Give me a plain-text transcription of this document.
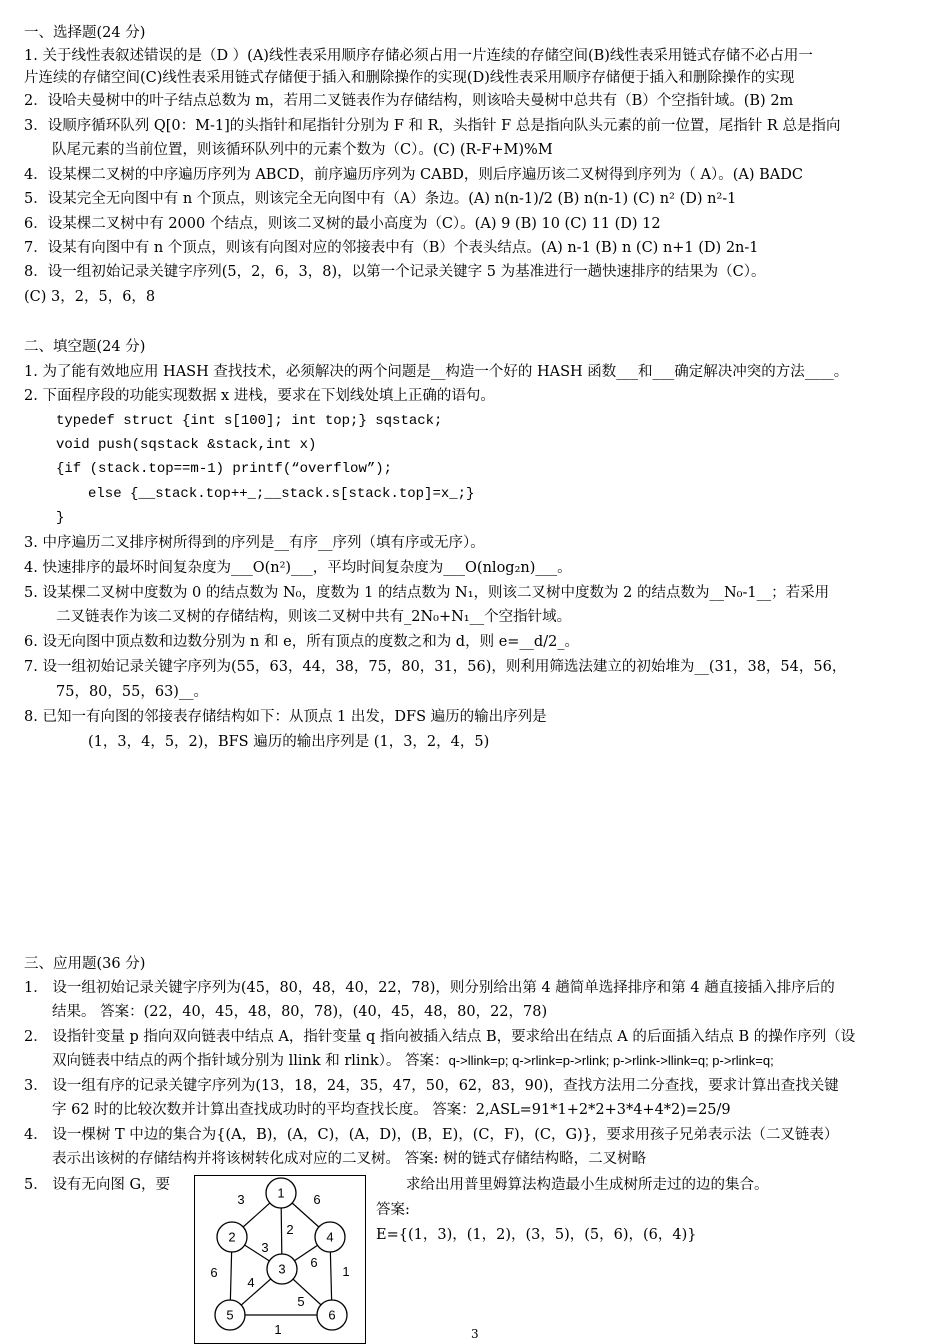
一、选择题(24 分)
1. 关于线性表叙述错误的是（D ）(A)线性表采用顺序存储必须占用一片连续的存储空间(B)线性表采用链式存储不必占用一
片连续的存储空间(C)线性表采用链式存储便于插入和删除操作的实现(D)线性表采用顺序存储便于插入和删除操作的实现
2．设哈夫曼树中的叶子结点总数为 m，若用二叉链表作为存储结构，则该哈夫曼树中总共有（B）个空指针域。(B) 2m
3．设顺序循环队列 Q[0：M-1]的头指针和尾指针分别为 F 和 R，头指针 F 总是指向队头元素的前一位置，尾指针 R 总是指向
队尾元素的当前位置，则该循环队列中的元素个数为（C）。(C) (R-F+M)%M
4．设某棵二叉树的中序遍历序列为 ABCD，前序遍历序列为 CABD，则后序遍历该二叉树得到序列为（ A）。(A) BADC
5．设某完全无向图中有 n 个顶点，则该完全无向图中有（A）条边。(A) n(n-1)/2 (B) n(n-1) (C) n² (D) n²-1
6．设某棵二叉树中有 2000 个结点，则该二叉树的最小高度为（C）。(A) 9 (B) 10 (C) 11 (D) 12
7．设某有向图中有 n 个顶点，则该有向图对应的邻接表中有（B）个表头结点。(A) n-1 (B) n (C) n+1 (D) 2n-1
8．设一组初始记录关键字序列(5，2，6，3，8)，以第一个记录关键字 5 为基准进行一趟快速排序的结果为（C）。
(C) 3，2，5，6，8
二、填空题(24 分)
1. 为了能有效地应用 HASH 查找技术，必须解决的两个问题是__构造一个好的 HASH 函数___和___确定解决冲突的方法____。
2. 下面程序段的功能实现数据 x 进栈，要求在下划线处填上正确的语句。
typedef struct {int s[100]; int top;} sqstack;
void push(sqstack &stack,int x)
{if (stack.top==m-1) printf(“overflow”);
else {__stack.top++_;__stack.s[stack.top]=x_;}
}
3. 中序遍历二叉排序树所得到的序列是__有序__序列（填有序或无序）。
4. 快速排序的最坏时间复杂度为___O(n²)___，平均时间复杂度为___O(nlog₂n)___。
5. 设某棵二叉树中度数为 0 的结点数为 N₀，度数为 1 的结点数为 N₁，则该二叉树中度数为 2 的结点数为__N₀-1__；若采用
二叉链表作为该二叉树的存储结构，则该二叉树中共有_2N₀+N₁__个空指针域。
6. 设无向图中顶点数和边数分别为 n 和 e，所有顶点的度数之和为 d，则 e=__d/2_。
7. 设一组初始记录关键字序列为(55，63，44，38，75，80，31，56)，则利用筛选法建立的初始堆为__(31，38，54，56，
75，80，55，63)__。
8. 已知一有向图的邻接表存储结构如下：从顶点 1 出发，DFS 遍历的输出序列是
(1，3，4，5，2)，BFS 遍历的输出序列是 (1，3，2，4，5)
三、应用题(36 分)
1． 设一组初始记录关键字序列为(45，80，48，40，22，78)，则分别给出第 4 趟简单选择排序和第 4 趟直接插入排序后的
结果。 答案：(22，40，45，48，80，78)，(40，45，48，80，22，78)
2． 设指针变量 p 指向双向链表中结点 A，指针变量 q 指向被插入结点 B，要求给出在结点 A 的后面插入结点 B 的操作序列（设
双向链表中结点的两个指针域分别为 llink 和 rlink）。 答案：q->llink=p; q->rlink=p->rlink; p->rlink->llink=q; p->rlink=q;
3． 设一组有序的记录关键字序列为(13，18，24，35，47，50，62，83，90)，查找方法用二分查找，要求计算出查找关键
字 62 时的比较次数并计算出查找成功时的平均查找长度。 答案：2,ASL=91*1+2*2+3*4+4*2)=25/9
4． 设一棵树 T 中边的集合为{(A，B)，(A，C)，(A，D)，(B，E)，(C，F)，(C，G)}，要求用孩子兄弟表示法（二叉链表）
表示出该树的存储结构并将该树转化成对应的二叉树。 答案: 树的链式存储结构略，二叉树略
5． 设有无向图 G，要	求给出用普里姆算法构造最小生成树所走过的边的集合。
答案:
E={(1，3)，(1，2)，(3，5)，(5，6)，(6，4)}
1
2
3
4
5	6
3	6
2
3
6
6
1
4
5
1	3
